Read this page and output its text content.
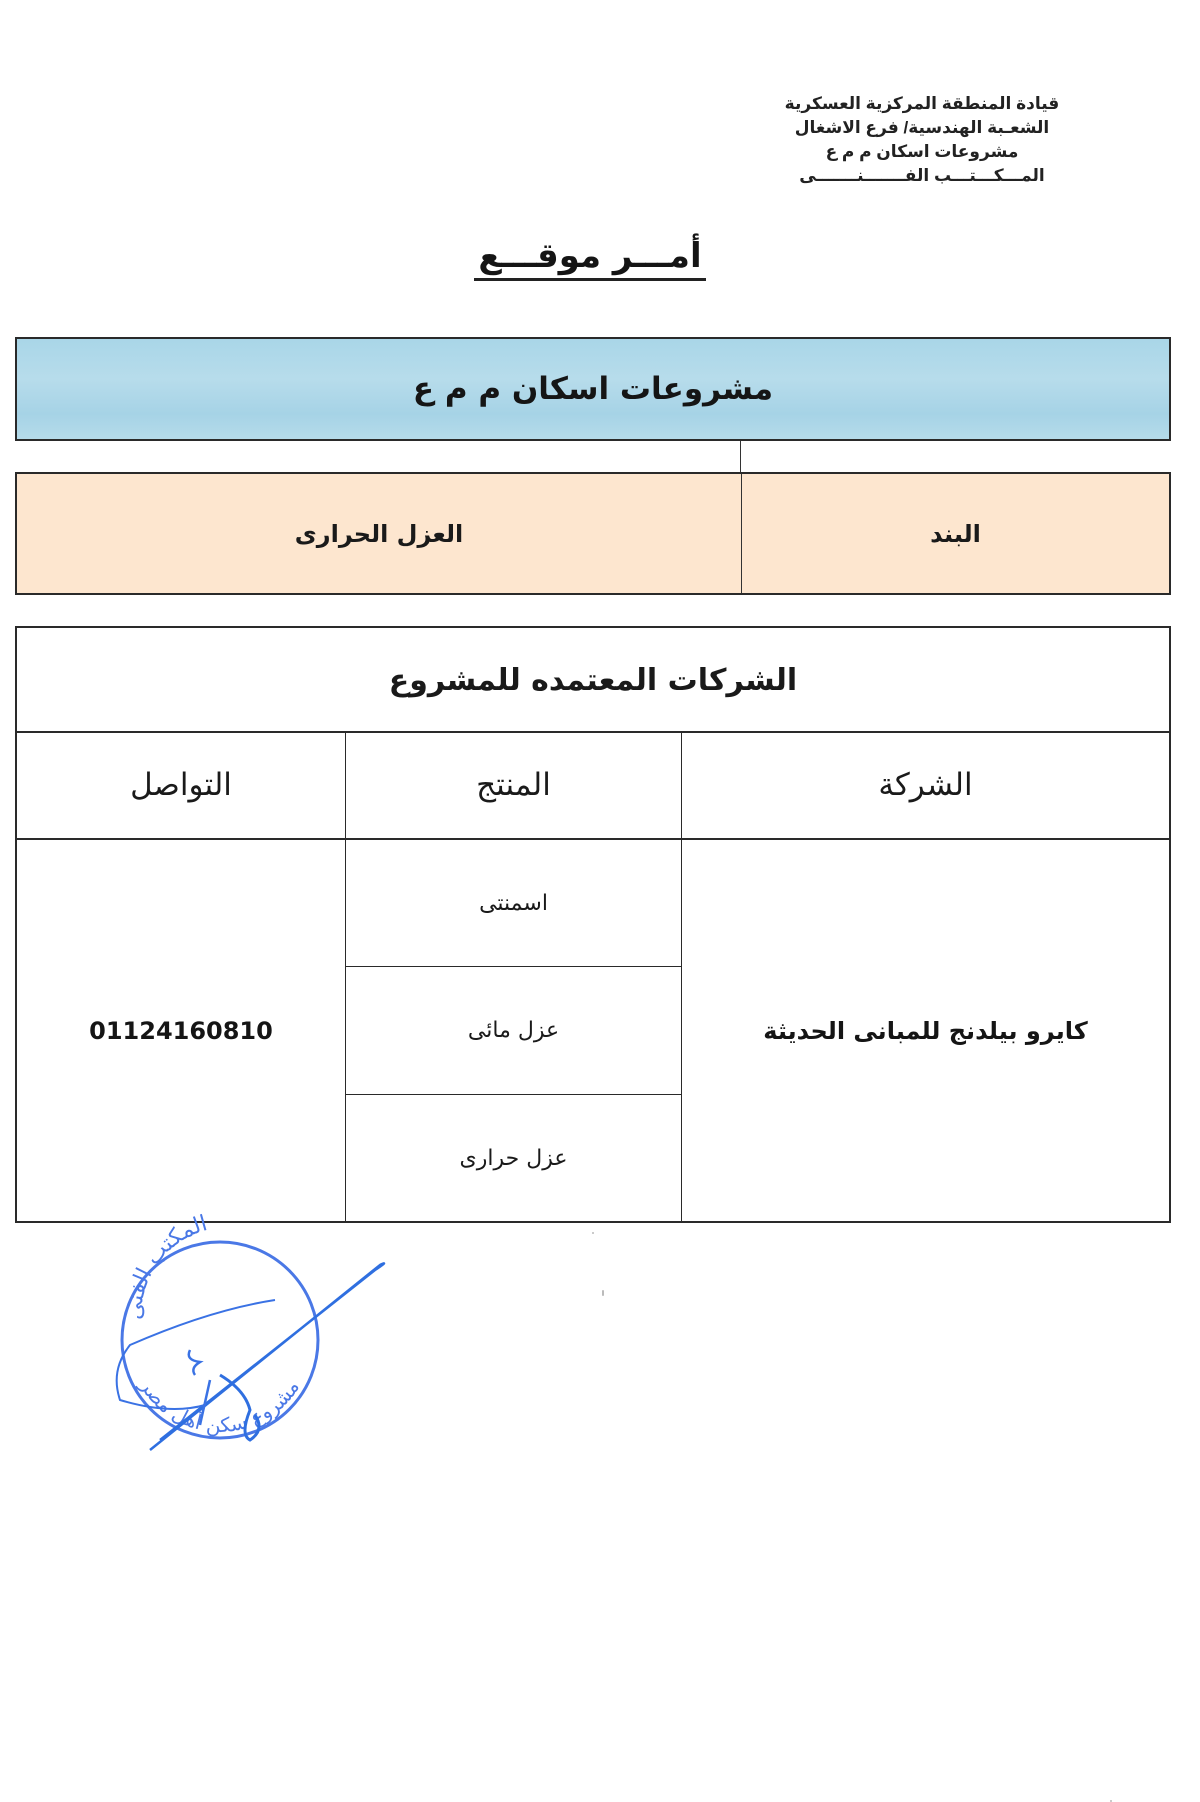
قيادة المنطقة المركزية العسكرية
الشعـبة الهندسية/ فرع الاشغال
مشروعات اسكان م م ع
المـــكـــتـــب الفـــــــنـــــــى
أمـــر موقـــع
مشروعات اسكان م م ع
العزل الحرارى	البند
الشركات المعتمده للمشروع
الشركة
المنتج
التواصل
كايرو بيلدنج للمبانى الحديثة
اسمنتى
عزل مائى
عزل حرارى
01124160810
المكتب الفنى
مشروع سكن أهل مصر
